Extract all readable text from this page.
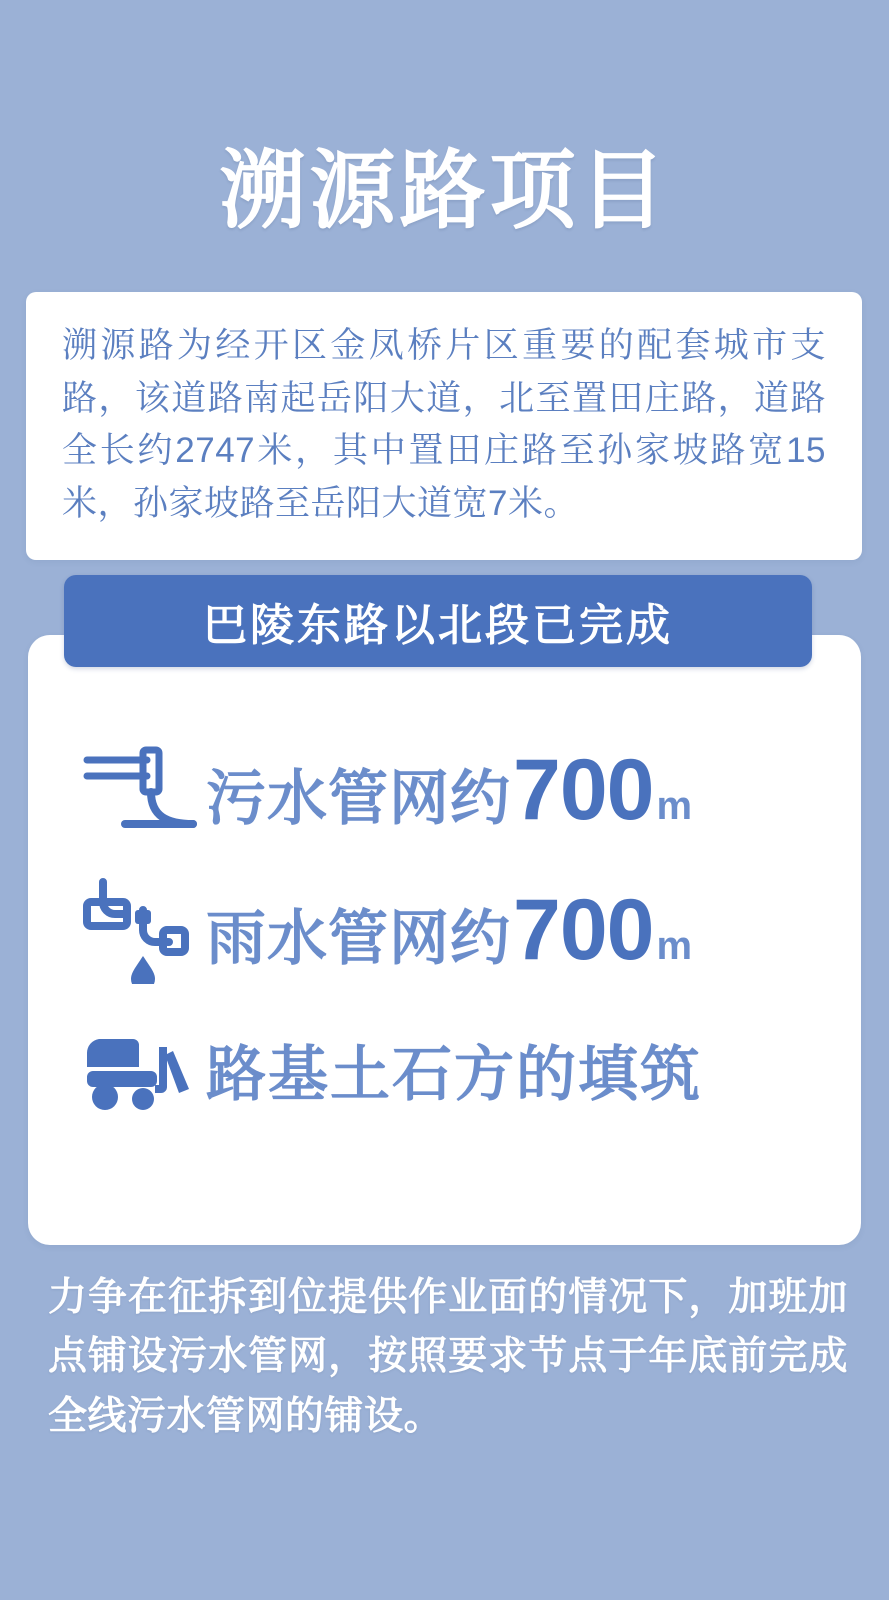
溯源路项目
溯源路为经开区金凤桥片区重要的配套城市支路，该道路南起岳阳大道，北至置田庄路，道路全长约2747米，其中置田庄路至孙家坡路宽15米，孙家坡路至岳阳大道宽7米。
巴陵东路以北段已完成
污水管网约 700 m
雨水管网约 700 m
路基土石方的填筑
力争在征拆到位提供作业面的情况下，加班加点铺设污水管网，按照要求节点于年底前完成全线污水管网的铺设。
